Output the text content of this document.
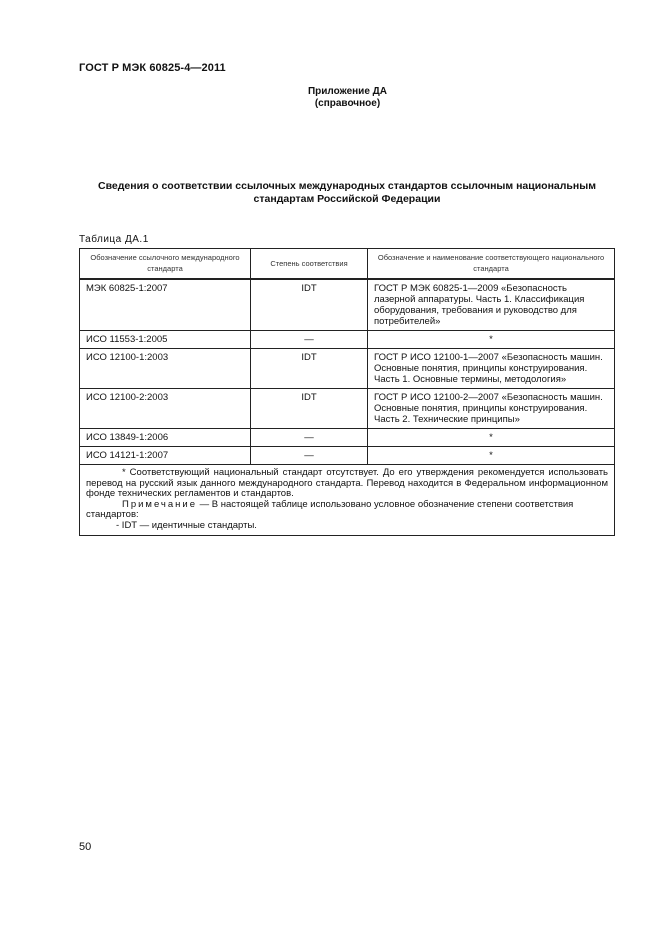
ГОСТ Р МЭК 60825-4—2011
Приложение ДА
(справочное)
Сведения о соответствии ссылочных международных стандартов ссылочным национальным
стандартам Российской Федерации
Таблица ДА.1
Обозначение ссылочного международного стандарта	Степень соответствия	Обозначение и наименование соответствующего национального стандарта
МЭК 60825-1:2007	IDT	ГОСТ Р МЭК 60825-1—2009 «Безопасность лазерной аппаратуры. Часть 1. Классификация оборудования, требования и руководство для потребителей»
ИСО 11553-1:2005	—	*
ИСО 12100-1:2003	IDT	ГОСТ Р ИСО 12100-1—2007 «Безопасность машин. Основные понятия, принципы конструирования. Часть 1. Основные термины, методология»
ИСО 12100-2:2003	IDT	ГОСТ Р ИСО 12100-2—2007 «Безопасность машин. Основные понятия, принципы конструирования. Часть 2. Технические принципы»
ИСО 13849-1:2006	—	*
ИСО 14121-1:2007	—	*

* Соответствующий национальный стандарт отсутствует. До его утверждения рекомендуется использовать перевод на русский язык данного международного стандарта. Перевод находится в Федеральном информационном фонде технических регламентов и стандартов.
Примечание — В настоящей таблице использовано условное обозначение степени соответствия стандартов:
- IDT — идентичные стандарты.		
50
